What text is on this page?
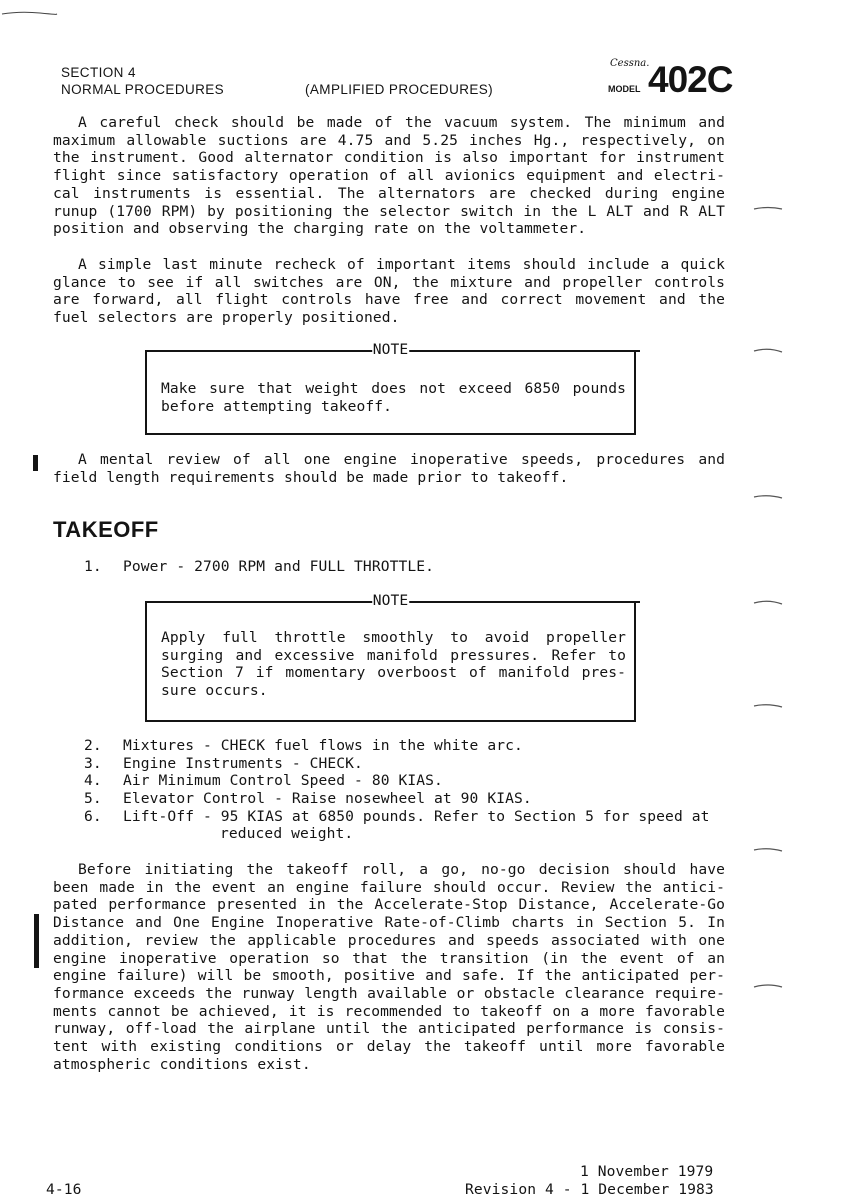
SECTION 4
NORMAL PROCEDURES	(AMPLIFIED PROCEDURES)
Cessna.
MODEL 402C

A careful check should be made of the vacuum system. The minimum and maximum allowable suctions are 4.75 and 5.25 inches Hg., respectively, on the instrument. Good alternator condition is also important for instrument flight since satisfactory operation of all avionics equipment and electri- cal instruments is essential. The alternators are checked during engine runup (1700 RPM) by positioning the selector switch in the L ALT and R ALT position and observing the charging rate on the voltammeter.

A simple last minute recheck of important items should include a quick glance to see if all switches are ON, the mixture and propeller controls are forward, all flight controls have free and correct movement and the fuel selectors are properly positioned.

NOTE
Make sure that weight does not exceed 6850 pounds before attempting takeoff.

A mental review of all one engine inoperative speeds, procedures and field length requirements should be made prior to takeoff.

TAKEOFF
1. Power - 2700 RPM and FULL THROTTLE.
NOTE
Apply full throttle smoothly to avoid propeller surging and excessive manifold pressures. Refer to Section 7 if momentary overboost of manifold pres- sure occurs.
2. Mixtures - CHECK fuel flows in the white arc.
3. Engine Instruments - CHECK.
4. Air Minimum Control Speed - 80 KIAS.
5. Elevator Control - Raise nosewheel at 90 KIAS.
6. Lift-Off - 95 KIAS at 6850 pounds. Refer to Section 5 for speed at
reduced weight.

Before initiating the takeoff roll, a go, no-go decision should have been made in the event an engine failure should occur. Review the antici- pated performance presented in the Accelerate-Stop Distance, Accelerate-Go Distance and One Engine Inoperative Rate-of-Climb charts in Section 5. In addition, review the applicable procedures and speeds associated with one engine inoperative operation so that the transition (in the event of an engine failure) will be smooth, positive and safe. If the anticipated per- formance exceeds the runway length available or obstacle clearance require- ments cannot be achieved, it is recommended to takeoff on a more favorable runway, off-load the airplane until the anticipated performance is consis- tent with existing conditions or delay the takeoff until more favorable atmospheric conditions exist.

1 November 1979
Revision 4 - 1 December 1983
4-16
